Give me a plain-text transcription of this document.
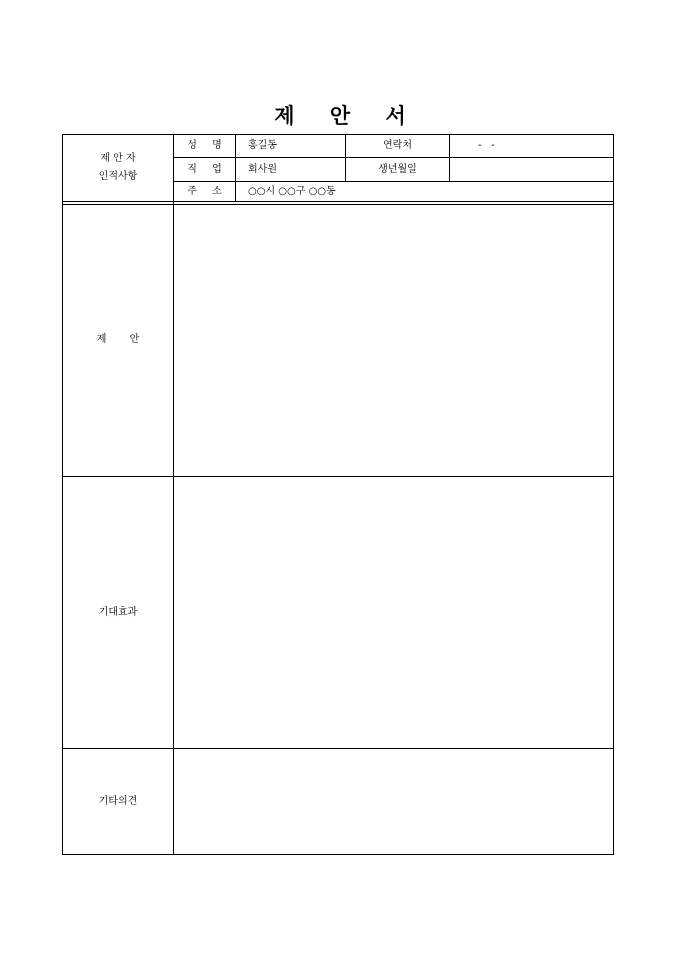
제 안 서
제 안 자
인적사항
성 명	홍길동	연락처	-   -
직 업	회사원	생년월일
주 소	○○시 ○○구 ○○동
제 안
기대효과
기타의견
